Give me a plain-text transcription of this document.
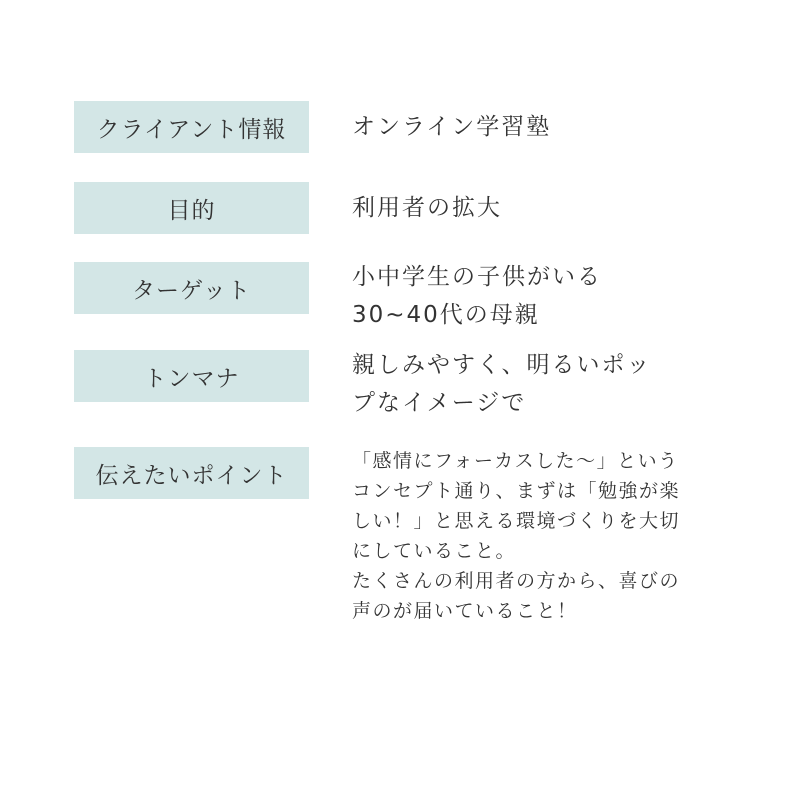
クライアント情報	オンライン学習塾
目的	利用者の拡大
ターゲット
小中学生の子供がいる
30~40代の母親
トンマナ
親しみやすく、明るいポッ
プなイメージで
伝えたいポイント
「感情にフォーカスした〜」という
コンセプト通り、まずは「勉強が楽
しい！」と思える環境づくりを大切
にしていること。
たくさんの利用者の方から、喜びの
声のが届いていること！
